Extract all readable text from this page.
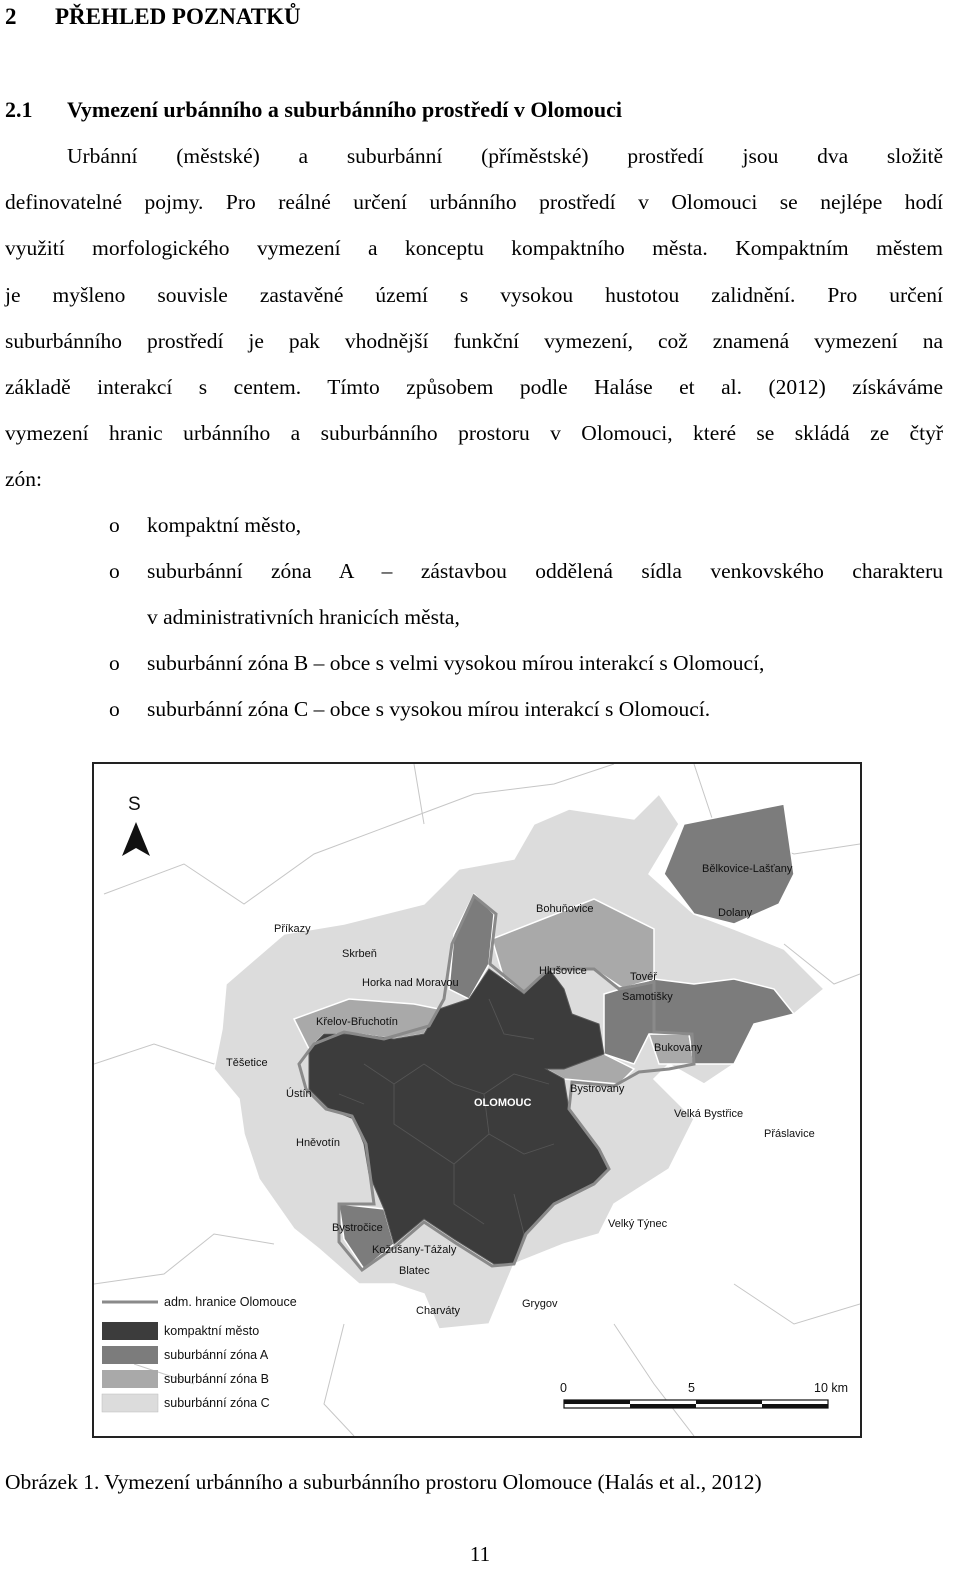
2 PŘEHLED POZNATKŮ
2.1 Vymezení urbánního a suburbánního prostředí v Olomouci
Urbánní (městské) a suburbánní (příměstské) prostředí jsou dva složitě
definovatelné pojmy. Pro reálné určení urbánního prostředí v Olomouci se nejlépe hodí
využití morfologického vymezení a konceptu kompaktního města. Kompaktním městem
je myšleno souvisle zastavěné území s vysokou hustotou zalidnění. Pro určení
suburbánního prostředí je pak vhodnější funkční vymezení, což znamená vymezení na
základě interakcí s centem. Tímto způsobem podle Haláse et al. (2012) získáváme
vymezení hranic urbánního a suburbánního prostoru v Olomouci, které se skládá ze čtyř
zón:
o kompaktní město,
o suburbánní zóna A – zástavbou oddělená sídla venkovského charakteru
v administrativních hranicích města,
o suburbánní zóna B – obce s velmi vysokou mírou interakcí s Olomoucí,
o suburbánní zóna C – obce s vysokou mírou interakcí s Olomoucí.
S
Bělkovice-Lašťany
Bohuňovice	Dolany
Příkazy
Skrbeň
Horka nad Moravou
Hlušovice	Tovéř
Samotišky
Křelov-Břuchotín
Těšetice
Bukovany
Ústín
OLOMOUC
Bystrovany
Velká Bystřice
Přáslavice
Hněvotín
Bystročice
Kožušany-Tážaly
Velký Týnec
Blatec
Charváty
Grygov
adm. hranice Olomouce
kompaktní město
suburbánní zóna A
suburbánní zóna B
suburbánní zóna C
0	5	10 km
Obrázek 1. Vymezení urbánního a suburbánního prostoru Olomouce (Halás et al., 2012)
11
